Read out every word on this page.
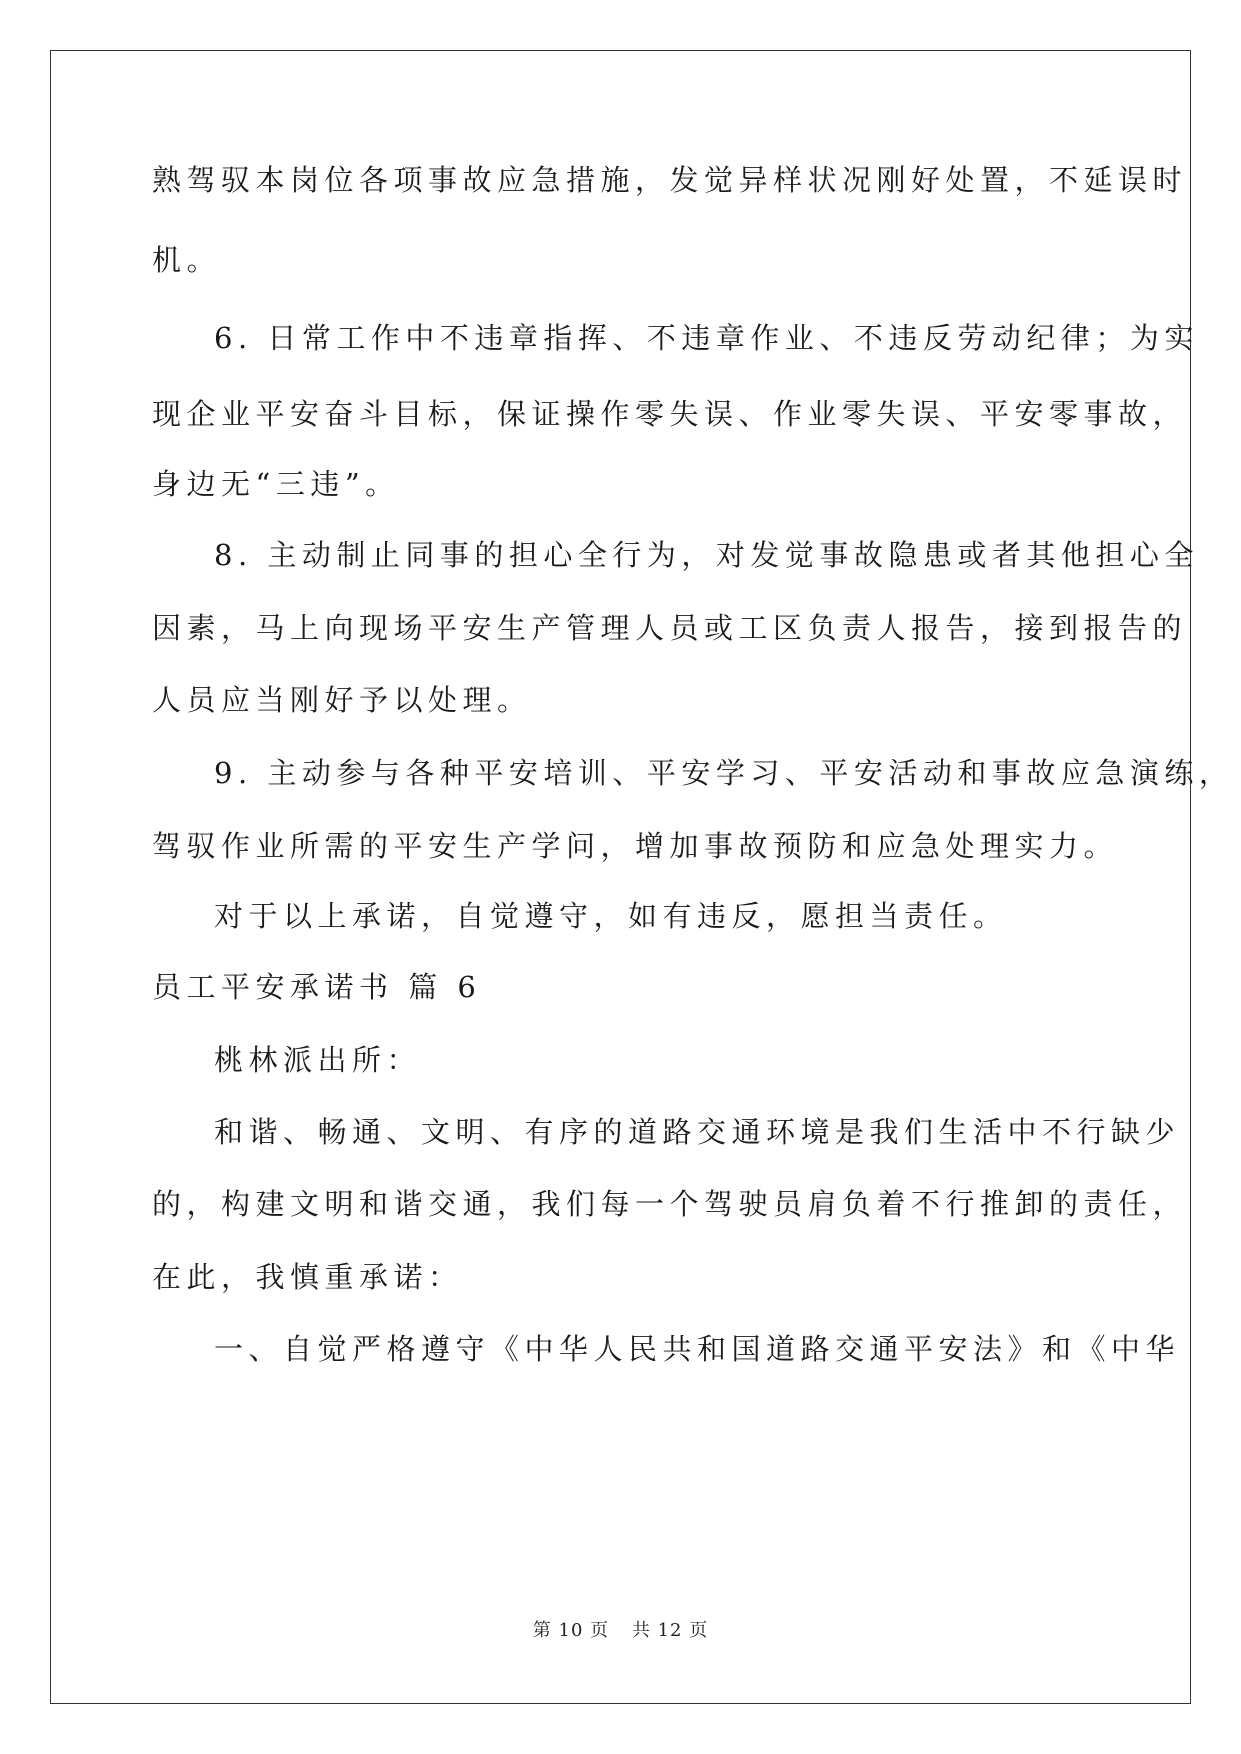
熟驾驭本岗位各项事故应急措施，发觉异样状况刚好处置，不延误时
机。
6. 日常工作中不违章指挥、不违章作业、不违反劳动纪律；为实
现企业平安奋斗目标，保证操作零失误、作业零失误、平安零事故，
身边无“三违”。
8. 主动制止同事的担心全行为，对发觉事故隐患或者其他担心全
因素，马上向现场平安生产管理人员或工区负责人报告，接到报告的
人员应当刚好予以处理。
9. 主动参与各种平安培训、平安学习、平安活动和事故应急演练，
驾驭作业所需的平安生产学问，增加事故预防和应急处理实力。
对于以上承诺，自觉遵守，如有违反，愿担当责任。
员工平安承诺书 篇 6
桃林派出所：
和谐、畅通、文明、有序的道路交通环境是我们生活中不行缺少
的，构建文明和谐交通，我们每一个驾驶员肩负着不行推卸的责任，
在此，我慎重承诺：
一、自觉严格遵守《中华人民共和国道路交通平安法》和《中华
第 10 页 共 12 页
